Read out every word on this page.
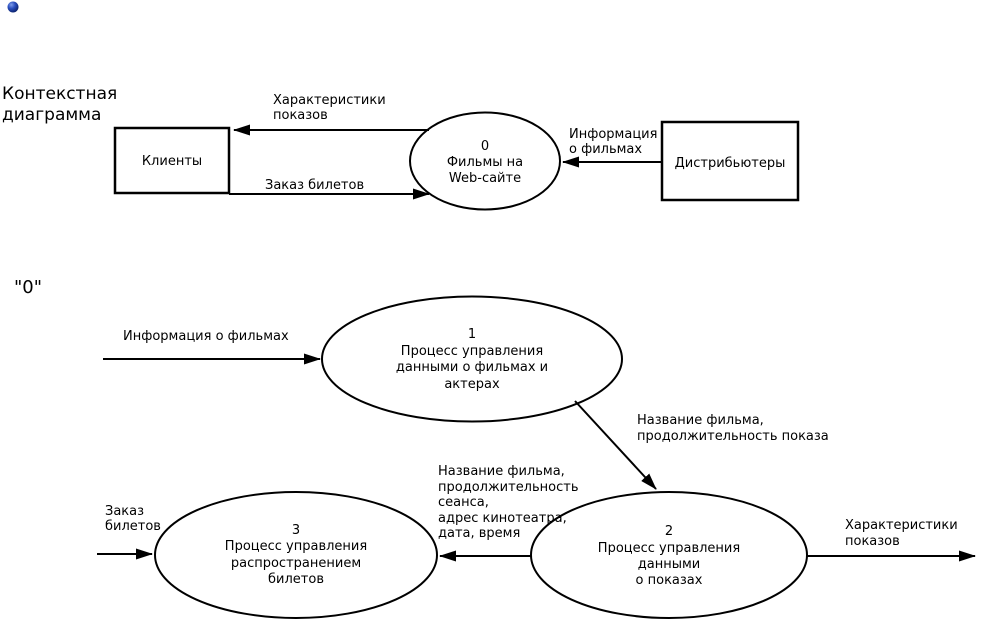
Контекстная
диаграмма
"0"
Клиенты	Дистрибьютеры
0
Фильмы на
Web-сайте
Характеристики
показов
Заказ билетов
Информация
о фильмах
1
Процесс управления
данными о фильмах и
актерах
2
Процесс управления
данными
о показах
3
Процесс управления
распространением
билетов
Информация о фильмах
Название фильма,
продолжительность показа
Название фильма,
продолжительность
сеанса,
адрес кинотеатра,
дата, время
Заказ
билетов	Характеристики
показов
